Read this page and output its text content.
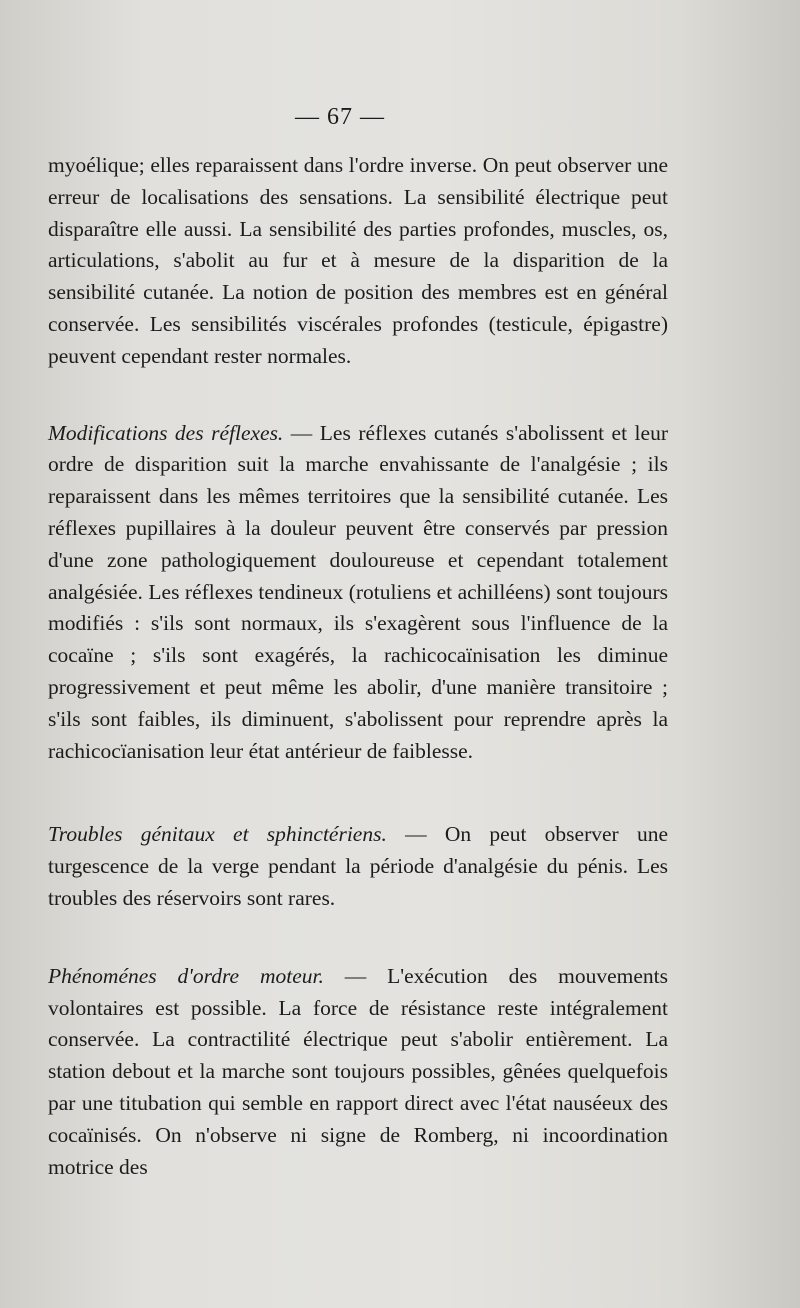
— 67 —

myoélique; elles reparaissent dans l'ordre inverse. On peut observer une erreur de localisations des sensations. La sensibilité électrique peut disparaître elle aussi. La sensibilité des parties profondes, muscles, os, articulations, s'abolit au fur et à mesure de la disparition de la sensibilité cutanée. La notion de position des membres est en général conservée. Les sensibilités viscérales profondes (testicule, épigastre) peuvent cependant rester normales.

Modifications des réflexes. — Les réflexes cutanés s'abolissent et leur ordre de disparition suit la marche envahissante de l'analgésie ; ils reparaissent dans les mêmes territoires que la sensibilité cutanée. Les réflexes pupillaires à la douleur peuvent être conservés par pression d'une zone pathologiquement douloureuse et cependant totalement analgésiée. Les réflexes tendineux (rotuliens et achilléens) sont toujours modifiés : s'ils sont normaux, ils s'exagèrent sous l'influence de la cocaïne ; s'ils sont exagérés, la rachicocaïnisation les diminue progressivement et peut même les abolir, d'une manière transitoire ; s'ils sont faibles, ils diminuent, s'abolissent pour reprendre après la rachicocïanisation leur état antérieur de faiblesse.

Troubles génitaux et sphinctériens. — On peut observer une turgescence de la verge pendant la période d'analgésie du pénis. Les troubles des réservoirs sont rares.

Phénoménes d'ordre moteur. — L'exécution des mouvements volontaires est possible. La force de résistance reste intégralement conservée. La contractilité électrique peut s'abolir entièrement. La station debout et la marche sont toujours possibles, gênées quelquefois par une titubation qui semble en rapport direct avec l'état nauséeux des cocaïnisés. On n'observe ni signe de Romberg, ni incoordination motrice des
